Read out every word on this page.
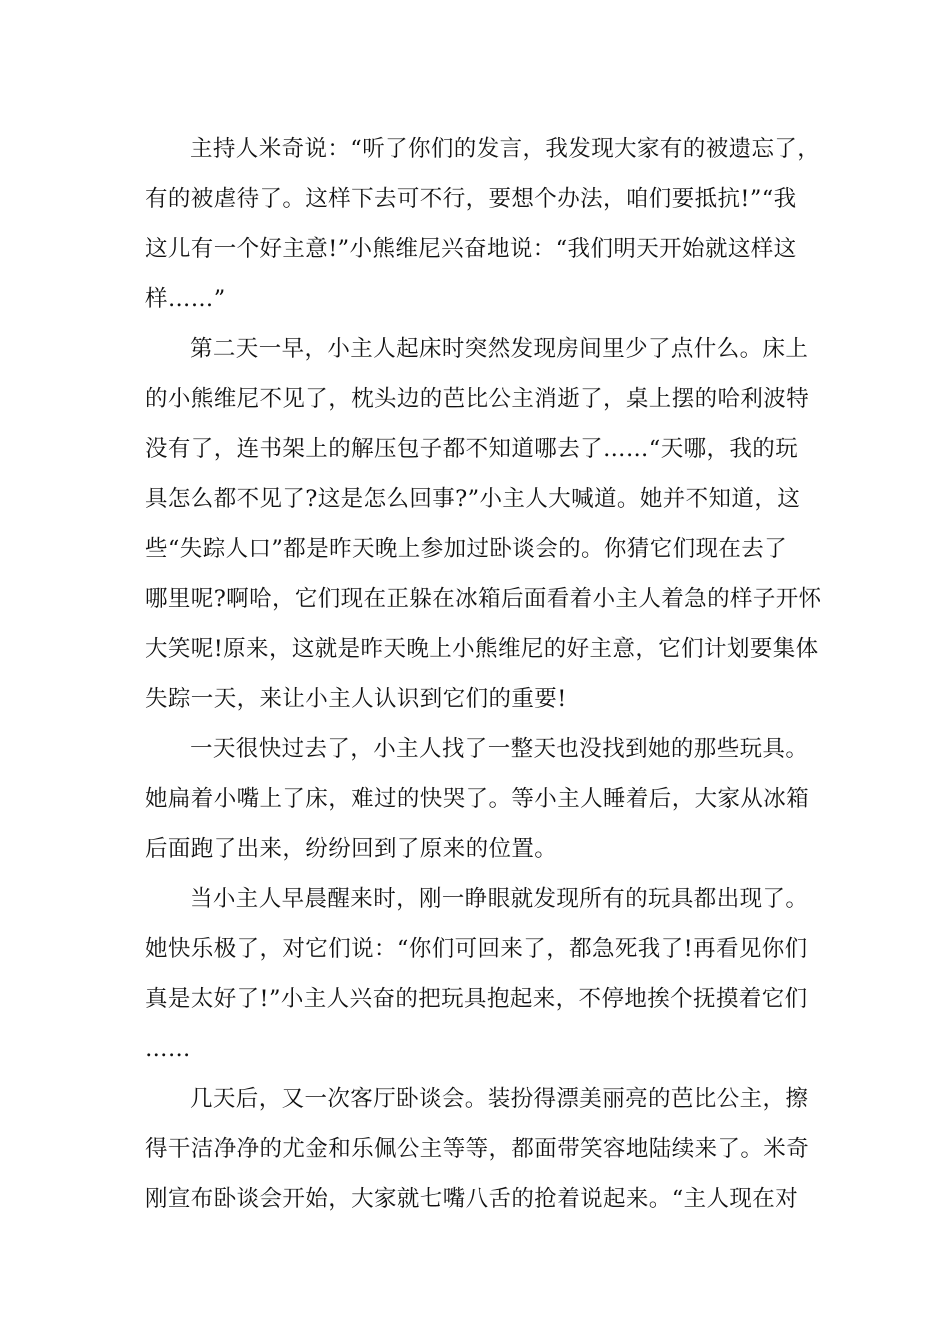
主持人米奇说：“听了你们的发言，我发现大家有的被遗忘了，
有的被虐待了。这样下去可不行，要想个办法，咱们要抵抗!”“我
这儿有一个好主意!”小熊维尼兴奋地说：“我们明天开始就这样这
样……”
第二天一早，小主人起床时突然发现房间里少了点什么。床上
的小熊维尼不见了，枕头边的芭比公主消逝了，桌上摆的哈利波特
没有了，连书架上的解压包子都不知道哪去了……“天哪，我的玩
具怎么都不见了?这是怎么回事?”小主人大喊道。她并不知道，这
些“失踪人口”都是昨天晚上参加过卧谈会的。你猜它们现在去了
哪里呢?啊哈，它们现在正躲在冰箱后面看着小主人着急的样子开怀
大笑呢!原来，这就是昨天晚上小熊维尼的好主意，它们计划要集体
失踪一天，来让小主人认识到它们的重要!
一天很快过去了，小主人找了一整天也没找到她的那些玩具。
她扁着小嘴上了床，难过的快哭了。等小主人睡着后，大家从冰箱
后面跑了出来，纷纷回到了原来的位置。
当小主人早晨醒来时，刚一睁眼就发现所有的玩具都出现了。
她快乐极了，对它们说：“你们可回来了，都急死我了!再看见你们
真是太好了!”小主人兴奋的把玩具抱起来，不停地挨个抚摸着它们
……
几天后，又一次客厅卧谈会。装扮得漂美丽亮的芭比公主，擦
得干洁净净的尤金和乐佩公主等等，都面带笑容地陆续来了。米奇
刚宣布卧谈会开始，大家就七嘴八舌的抢着说起来。“主人现在对
